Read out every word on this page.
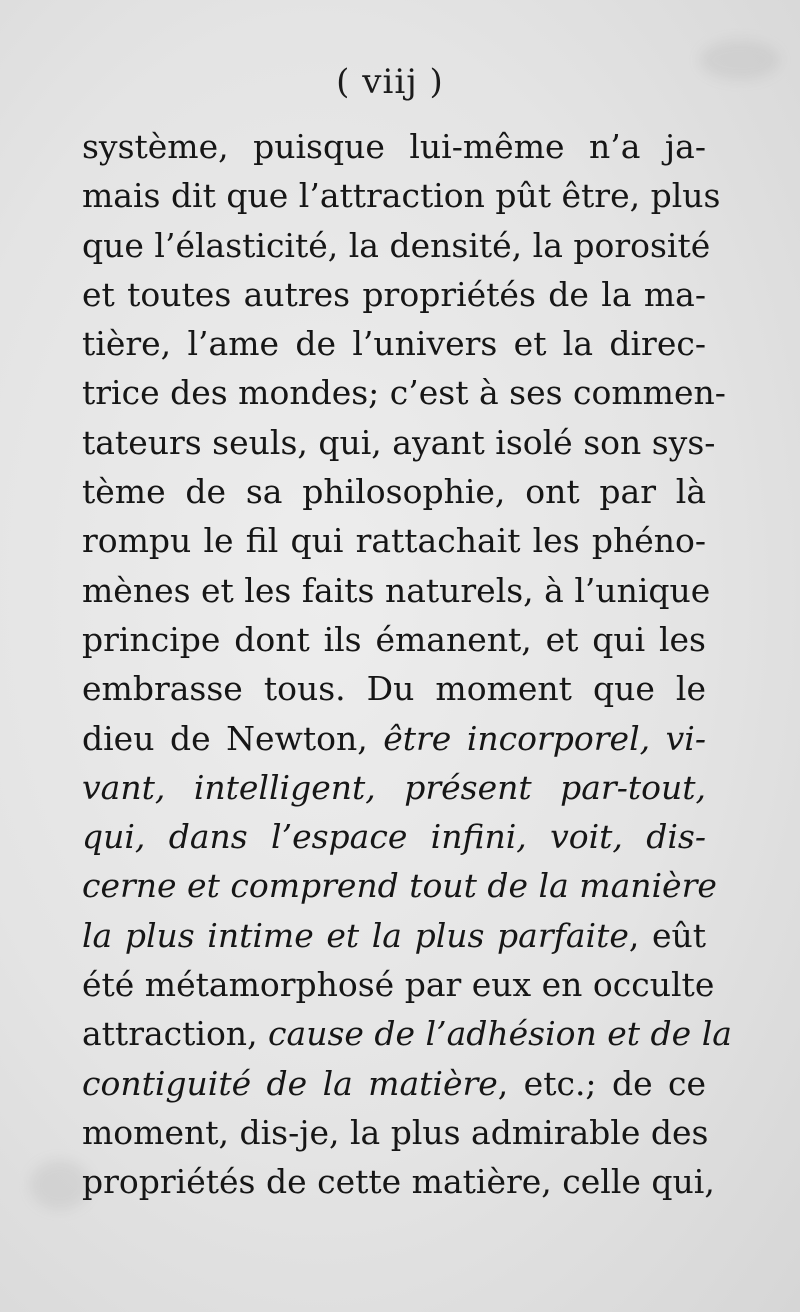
( viij )
système, puisque lui-même n’a ja-
mais dit que l’attraction pût être, plus
que l’élasticité, la densité, la porosité
et toutes autres propriétés de la ma-
tière, l’ame de l’univers et la direc-
trice des mondes; c’est à ses commen-
tateurs seuls, qui, ayant isolé son sys-
tème de sa philosophie, ont par là
rompu le fil qui rattachait les phéno-
mènes et les faits naturels, à l’unique
principe dont ils émanent, et qui les
embrasse tous. Du moment que le
dieu de Newton, être incorporel, vi-
vant, intelligent, présent par-tout,
qui, dans l’espace infini, voit, dis-
cerne et comprend tout de la manière
la plus intime et la plus parfaite, eût
été métamorphosé par eux en occulte
attraction, cause de l’adhésion et de la
contiguité de la matière, etc.; de ce
moment, dis-je, la plus admirable des
propriétés de cette matière, celle qui,
